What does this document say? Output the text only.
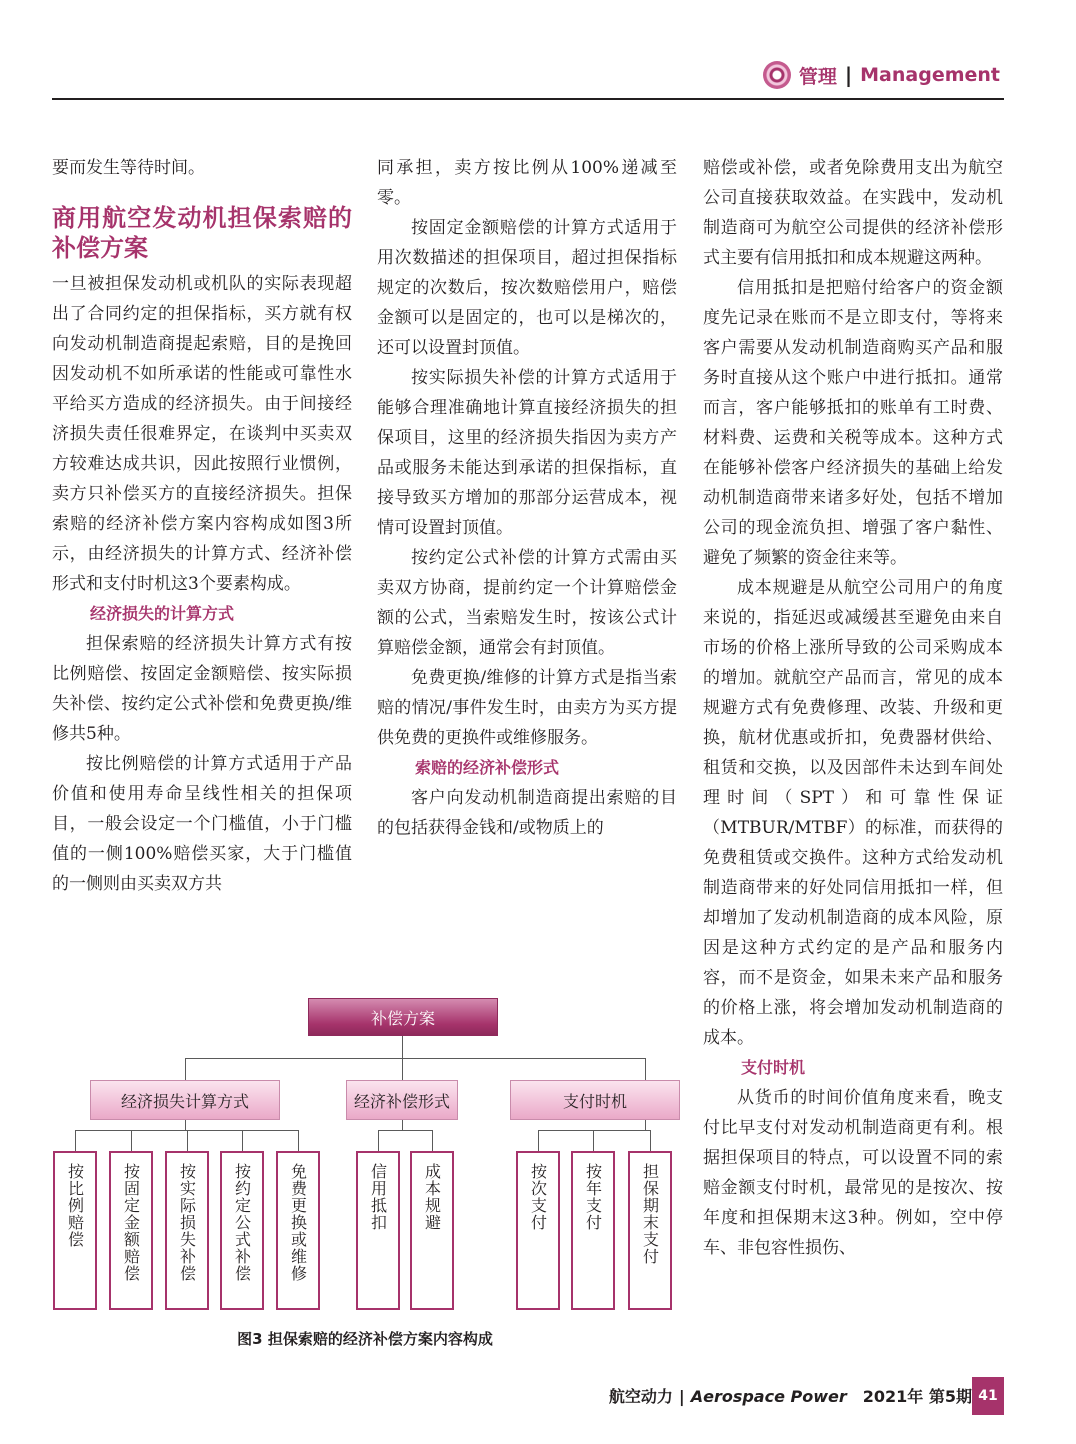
管理 | Management

要而发生等待时间。

商用航空发动机担保索赔的补偿方案

一旦被担保发动机或机队的实际表现超出了合同约定的担保指标，买方就有权向发动机制造商提起索赔，目的是挽回因发动机不如所承诺的性能或可靠性水平给买方造成的经济损失。由于间接经济损失责任很难界定，在谈判中买卖双方较难达成共识，因此按照行业惯例，卖方只补偿买方的直接经济损失。担保索赔的经济补偿方案内容构成如图3所示，由经济损失的计算方式、经济补偿形式和支付时机这3个要素构成。

经济损失的计算方式

担保索赔的经济损失计算方式有按比例赔偿、按固定金额赔偿、按实际损失补偿、按约定公式补偿和免费更换/维修共5种。

按比例赔偿的计算方式适用于产品价值和使用寿命呈线性相关的担保项目，一般会设定一个门槛值，小于门槛值的一侧100%赔偿买家，大于门槛值的一侧则由买卖双方共

同承担，卖方按比例从100%递减至零。

按固定金额赔偿的计算方式适用于用次数描述的担保项目，超过担保指标规定的次数后，按次数赔偿用户，赔偿金额可以是固定的，也可以是梯次的，还可以设置封顶值。

按实际损失补偿的计算方式适用于能够合理准确地计算直接经济损失的担保项目，这里的经济损失指因为卖方产品或服务未能达到承诺的担保指标，直接导致买方增加的那部分运营成本，视情可设置封顶值。

按约定公式补偿的计算方式需由买卖双方协商，提前约定一个计算赔偿金额的公式，当索赔发生时，按该公式计算赔偿金额，通常会有封顶值。

免费更换/维修的计算方式是指当索赔的情况/事件发生时，由卖方为买方提供免费的更换件或维修服务。

索赔的经济补偿形式

客户向发动机制造商提出索赔的目的包括获得金钱和/或物质上的

赔偿或补偿，或者免除费用支出为航空公司直接获取效益。在实践中，发动机制造商可为航空公司提供的经济补偿形式主要有信用抵扣和成本规避这两种。

信用抵扣是把赔付给客户的资金额度先记录在账而不是立即支付，等将来客户需要从发动机制造商购买产品和服务时直接从这个账户中进行抵扣。通常而言，客户能够抵扣的账单有工时费、材料费、运费和关税等成本。这种方式在能够补偿客户经济损失的基础上给发动机制造商带来诸多好处，包括不增加公司的现金流负担、增强了客户黏性、避免了频繁的资金往来等。

成本规避是从航空公司用户的角度来说的，指延迟或减缓甚至避免由来自市场的价格上涨所导致的公司采购成本的增加。就航空产品而言，常见的成本规避方式有免费修理、改装、升级和更换，航材优惠或折扣，免费器材供给、租赁和交换，以及因部件未达到车间处理时间（SPT）和可靠性保证（MTBUR/MTBF）的标准，而获得的免费租赁或交换件。这种方式给发动机制造商带来的好处同信用抵扣一样，但却增加了发动机制造商的成本风险，原因是这种方式约定的是产品和服务内容，而不是资金，如果未来产品和服务的价格上涨，将会增加发动机制造商的成本。

支付时机

从货币的时间价值角度来看，晚支付比早支付对发动机制造商更有利。根据担保项目的特点，可以设置不同的索赔金额支付时机，最常见的是按次、按年度和担保期末这3种。例如，空中停车、非包容性损伤、

补偿方案
经济损失计算方式	经济补偿形式	支付时机
按比例赔偿 按固定金额赔偿 按实际损失补偿 按约定公式补偿 免费更换或维修	信用抵扣 成本规避	按次支付 按年支付 担保期末支付
图3 担保索赔的经济补偿方案内容构成
航空动力 | Aerospace Power 2021年 第5期 41
